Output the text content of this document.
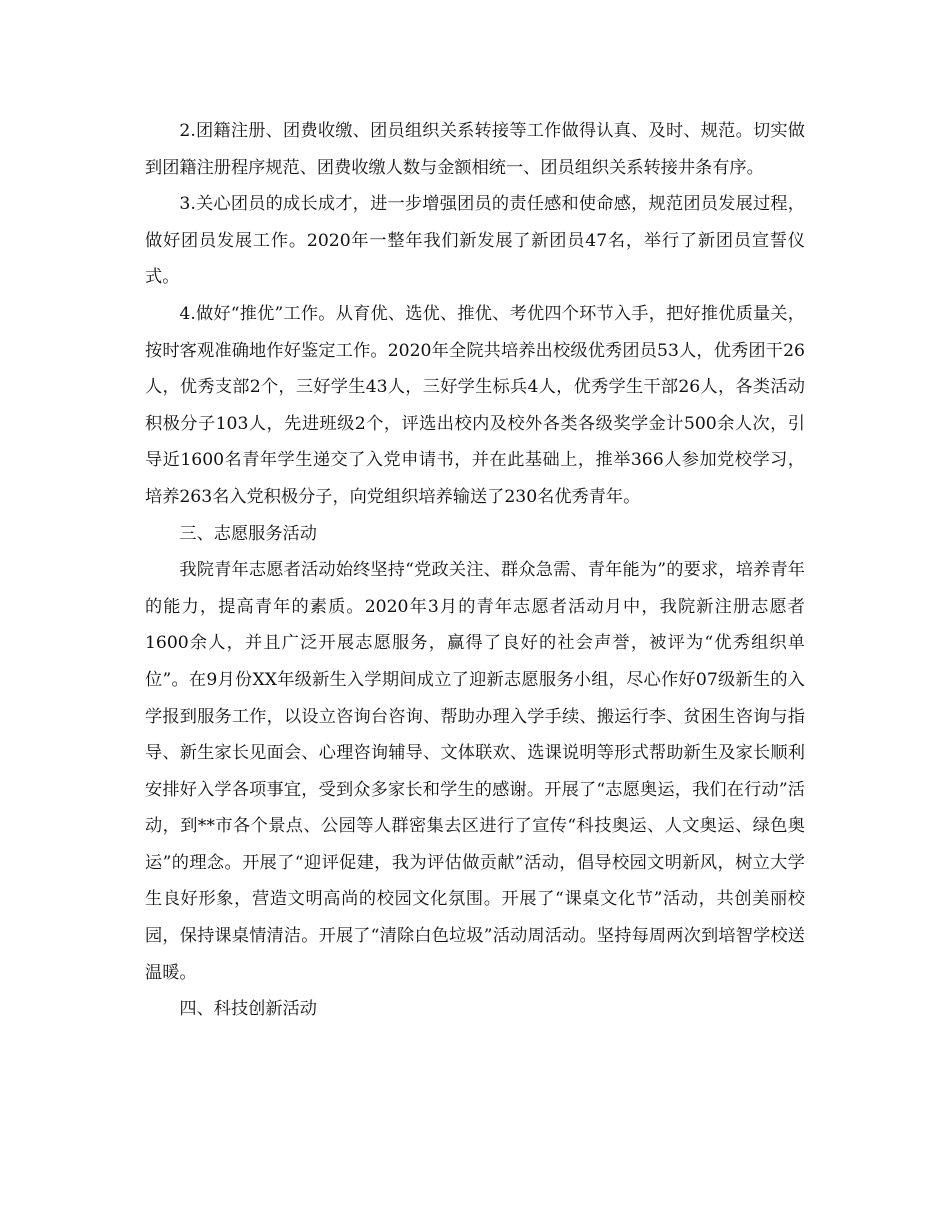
2.团籍注册、团费收缴、团员组织关系转接等工作做得认真、及时、规范。切实做到团籍注册程序规范、团费收缴人数与金额相统一、团员组织关系转接井条有序。

3.关心团员的成长成才，进一步增强团员的责任感和使命感，规范团员发展过程，做好团员发展工作。2020年一整年我们新发展了新团员47名，举行了新团员宣誓仪式。

4.做好“推优”工作。从育优、选优、推优、考优四个环节入手，把好推优质量关，按时客观准确地作好鉴定工作。2020年全院共培养出校级优秀团员53人，优秀团干26人，优秀支部2个，三好学生43人，三好学生标兵4人，优秀学生干部26人，各类活动积极分子103人，先进班级2个，评选出校内及校外各类各级奖学金计500余人次，引导近1600名青年学生递交了入党申请书，并在此基础上，推举366人参加党校学习，培养263名入党积极分子，向党组织培养输送了230名优秀青年。

三、志愿服务活动

我院青年志愿者活动始终坚持“党政关注、群众急需、青年能为”的要求，培养青年的能力，提高青年的素质。2020年3月的青年志愿者活动月中，我院新注册志愿者1600余人，并且广泛开展志愿服务，赢得了良好的社会声誉，被评为“优秀组织单位”。在9月份XX年级新生入学期间成立了迎新志愿服务小组，尽心作好07级新生的入学报到服务工作，以设立咨询台咨询、帮助办理入学手续、搬运行李、贫困生咨询与指导、新生家长见面会、心理咨询辅导、文体联欢、选课说明等形式帮助新生及家长顺利安排好入学各项事宜，受到众多家长和学生的感谢。开展了“志愿奥运，我们在行动”活动，到**市各个景点、公园等人群密集去区进行了宣传“科技奥运、人文奥运、绿色奥运”的理念。开展了“迎评促建，我为评估做贡献”活动，倡导校园文明新风，树立大学生良好形象，营造文明高尚的校园文化氛围。开展了“课桌文化节”活动，共创美丽校园，保持课桌情清洁。开展了“清除白色垃圾”活动周活动。坚持每周两次到培智学校送温暖。

四、科技创新活动
